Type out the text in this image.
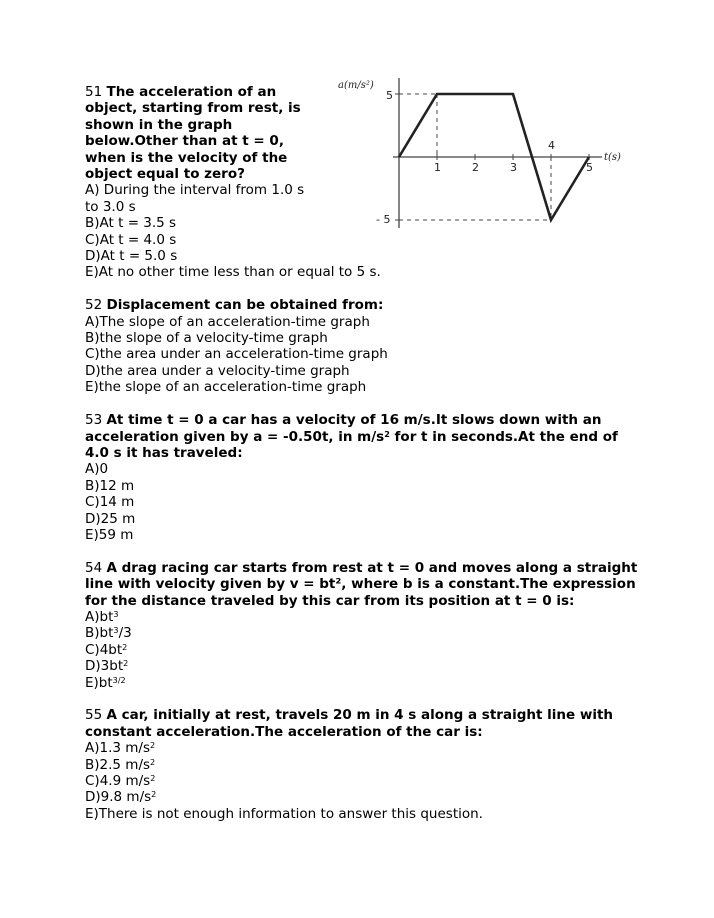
a(m/s²)
t(s)
5
- 5
1	2	3
4
5

51 The acceleration of an
object, starting from rest, is
shown in the graph
below.Other than at t = 0,
when is the velocity of the
object equal to zero?

A) During the interval from 1.0 s

to 3.0 s

B)At t = 3.5 s

C)At t = 4.0 s

D)At t = 5.0 s

E)At no other time less than or equal to 5 s.

52 Displacement can be obtained from:

A)The slope of an acceleration-time graph

B)the slope of a velocity-time graph

C)the area under an acceleration-time graph

D)the area under a velocity-time graph

E)the slope of an acceleration-time graph

53 At time t = 0 a car has a velocity of 16 m/s.It slows down with an acceleration given by a = -0.50t, in $m/s^2$ for t in seconds.At the end of 4.0 s it has traveled:

A)0

B)12 m

C)14 m

D)25 m

E)59 m

54 A drag racing car starts from rest at t = 0 and moves along a straight line with velocity given by v = bt², where b is a constant.The expression for the distance traveled by this car from its position at t = 0 is:

$A)bt^3$

$B)bt^3/3$

$C)4bt^2$

$D)3bt^2$

$E)bt^{3/2}$

55 A car, initially at rest, travels 20 m in 4 s along a straight line with constant acceleration.The acceleration of the car is:

A)1.3 $m/s^2$

B)2.5 $m/s^2$

C)4.9 $m/s^2$

D)9.8 $m/s^2$

E)There is not enough information to answer this question.
